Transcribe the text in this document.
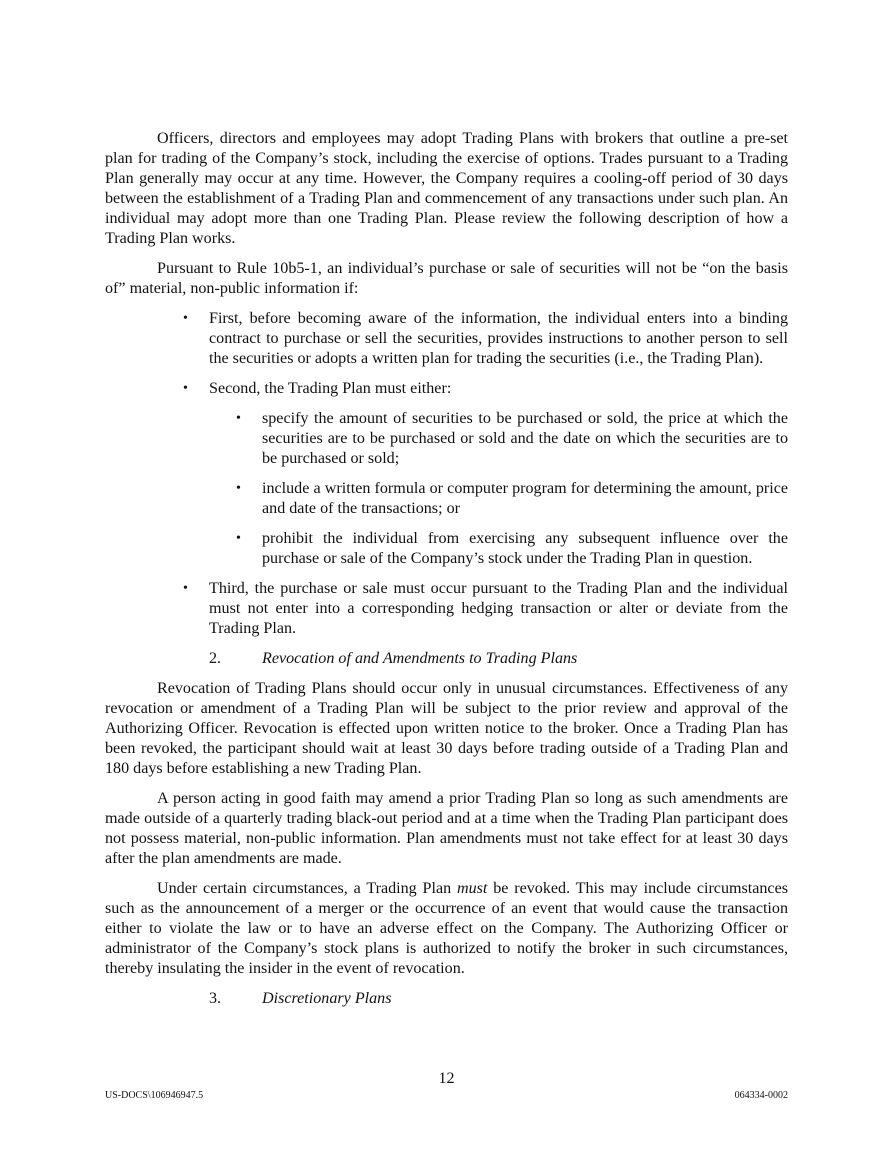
Officers, directors and employees may adopt Trading Plans with brokers that outline a pre-set plan for trading of the Company’s stock, including the exercise of options. Trades pursuant to a Trading Plan generally may occur at any time. However, the Company requires a cooling-off period of 30 days between the establishment of a Trading Plan and commencement of any transactions under such plan. An individual may adopt more than one Trading Plan. Please review the following description of how a Trading Plan works.

Pursuant to Rule 10b5-1, an individual’s purchase or sale of securities will not be “on the basis of” material, non-public information if:

• First, before becoming aware of the information, the individual enters into a binding contract to purchase or sell the securities, provides instructions to another person to sell the securities or adopts a written plan for trading the securities (i.e., the Trading Plan).
• Second, the Trading Plan must either:
• specify the amount of securities to be purchased or sold, the price at which the securities are to be purchased or sold and the date on which the securities are to be purchased or sold;
• include a written formula or computer program for determining the amount, price and date of the transactions; or
• prohibit the individual from exercising any subsequent influence over the purchase or sale of the Company’s stock under the Trading Plan in question.
• Third, the purchase or sale must occur pursuant to the Trading Plan and the individual must not enter into a corresponding hedging transaction or alter or deviate from the Trading Plan.
2.	Revocation of and Amendments to Trading Plans

Revocation of Trading Plans should occur only in unusual circumstances. Effectiveness of any revocation or amendment of a Trading Plan will be subject to the prior review and approval of the Authorizing Officer. Revocation is effected upon written notice to the broker. Once a Trading Plan has been revoked, the participant should wait at least 30 days before trading outside of a Trading Plan and 180 days before establishing a new Trading Plan.

A person acting in good faith may amend a prior Trading Plan so long as such amendments are made outside of a quarterly trading black-out period and at a time when the Trading Plan participant does not possess material, non-public information. Plan amendments must not take effect for at least 30 days after the plan amendments are made.

Under certain circumstances, a Trading Plan must be revoked. This may include circumstances such as the announcement of a merger or the occurrence of an event that would cause the transaction either to violate the law or to have an adverse effect on the Company. The Authorizing Officer or administrator of the Company’s stock plans is authorized to notify the broker in such circumstances, thereby insulating the insider in the event of revocation.

3.	Discretionary Plans
12
US-DOCS\106946947.5	064334-0002
